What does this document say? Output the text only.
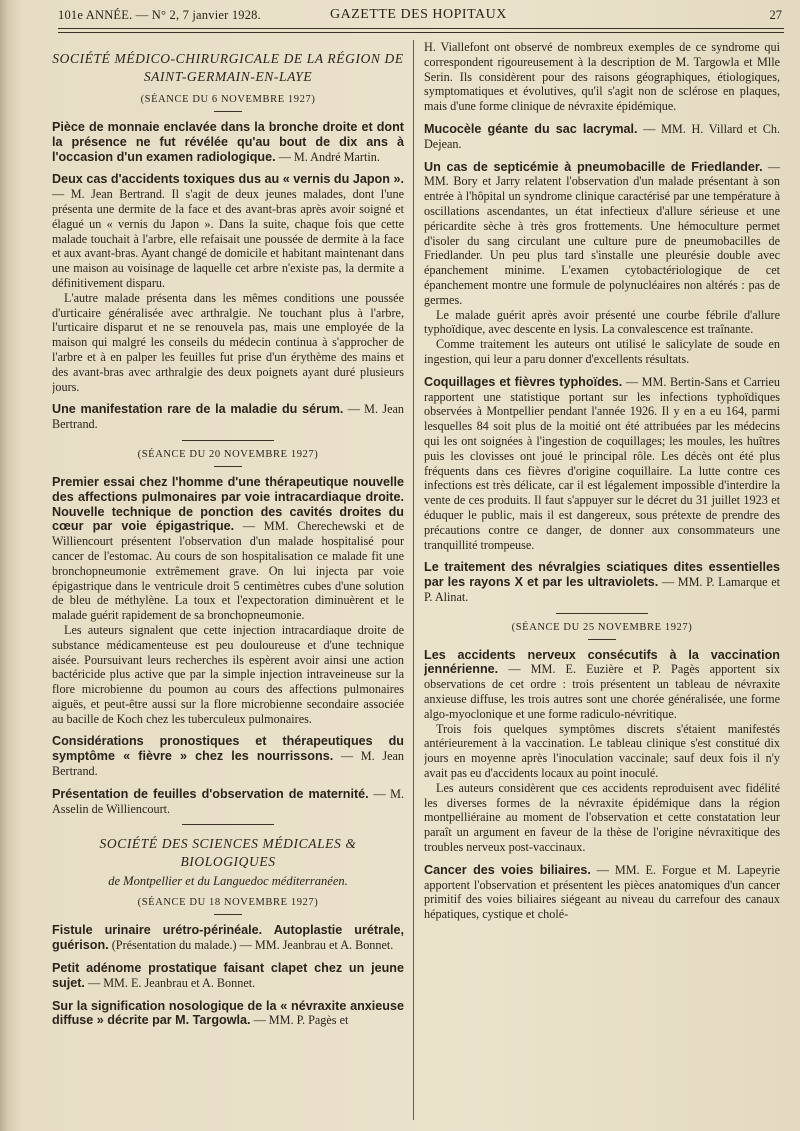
101e ANNÉE. — N° 2, 7 janvier 1928.	GAZETTE DES HOPITAUX	27
SOCIÉTÉ MÉDICO-CHIRURGICALE DE LA RÉGION DE SAINT-GERMAIN-EN-LAYE
(SÉANCE DU 6 NOVEMBRE 1927)
Pièce de monnaie enclavée dans la bronche droite et dont la présence ne fut révélée qu'au bout de dix ans à l'occasion d'un examen radiologique. — M. André Martin.
Deux cas d'accidents toxiques dus au « vernis du Japon ». — M. Jean Bertrand. Il s'agit de deux jeunes malades, dont l'une présenta une dermite de la face et des avant-bras après avoir soigné et élagué un « vernis du Japon ». Dans la suite, chaque fois que cette malade touchait à l'arbre, elle refaisait une poussée de dermite à la face et aux avant-bras. Ayant changé de domicile et habitant maintenant dans une maison au voisinage de laquelle cet arbre n'existe pas, la dermite a définitivement disparu.

L'autre malade présenta dans les mêmes conditions une poussée d'urticaire généralisée avec arthralgie. Ne touchant plus à l'arbre, l'urticaire disparut et ne se renouvela pas, mais une employée de la maison qui malgré les conseils du médecin continua à s'approcher de l'arbre et à en palper les feuilles fut prise d'un érythème des mains et des avant-bras avec arthralgie des deux poignets ayant duré plusieurs jours.

Une manifestation rare de la maladie du sérum. — M. Jean Bertrand.
(SÉANCE DU 20 NOVEMBRE 1927)
Premier essai chez l'homme d'une thérapeutique nouvelle des affections pulmonaires par voie intracardiaque droite. Nouvelle technique de ponction des cavités droites du cœur par voie épigastrique. — MM. Cherechewski et de Williencourt présentent l'observation d'un malade hospitalisé pour cancer de l'estomac. Au cours de son hospitalisation ce malade fit une bronchopneumonie extrêmement grave. On lui injecta par voie épigastrique dans le ventricule droit 5 centimètres cubes d'une solution de bleu de méthylène. La toux et l'expectoration diminuèrent et le malade guérit rapidement de sa bronchopneumonie.

Les auteurs signalent que cette injection intracardiaque droite de substance médicamenteuse est peu douloureuse et d'une technique aisée. Poursuivant leurs recherches ils espèrent avoir ainsi une action bactéricide plus active que par la simple injection intraveineuse sur la flore microbienne du poumon au cours des affections pulmonaires aiguës, et peut-être aussi sur la flore microbienne secondaire associée au bacille de Koch chez les tuberculeux pulmonaires.

Considérations pronostiques et thérapeutiques du symptôme « fièvre » chez les nourrissons. — M. Jean Bertrand.
Présentation de feuilles d'observation de maternité. — M. Asselin de Williencourt.
SOCIÉTÉ DES SCIENCES MÉDICALES & BIOLOGIQUES
de Montpellier et du Languedoc méditerranéen.
(SÉANCE DU 18 NOVEMBRE 1927)
Fistule urinaire urétro-périnéale. Autoplastie urétrale, guérison. (Présentation du malade.) — MM. Jeanbrau et A. Bonnet.
Petit adénome prostatique faisant clapet chez un jeune sujet. — MM. E. Jeanbrau et A. Bonnet.
Sur la signification nosologique de la « névraxite anxieuse diffuse » décrite par M. Targowla. — MM. P. Pagès et
H. Viallefont ont observé de nombreux exemples de ce syndrome qui correspondent rigoureusement à la description de M. Targowla et Mlle Serin. Ils considèrent pour des raisons géographiques, étiologiques, symptomatiques et évolutives, qu'il s'agit non de sclérose en plaques, mais d'une forme clinique de névraxite épidémique.
Mucocèle géante du sac lacrymal. — MM. H. Villard et Ch. Dejean.
Un cas de septicémie à pneumobacille de Friedlander. — MM. Bory et Jarry relatent l'observation d'un malade présentant à son entrée à l'hôpital un syndrome clinique caractérisé par une température à oscillations ascendantes, un état infectieux d'allure sérieuse et une péricardite sèche à très gros frottements. Une hémoculture permet d'isoler du sang circulant une culture pure de pneumobacilles de Friedlander. Un peu plus tard s'installe une pleurésie double avec épanchement minime. L'examen cytobactériologique de cet épanchement montre une formule de polynucléaires non altérés : pas de germes.

Le malade guérit après avoir présenté une courbe fébrile d'allure typhoïdique, avec descente en lysis. La convalescence est traînante.

Comme traitement les auteurs ont utilisé le salicylate de soude en ingestion, qui leur a paru donner d'excellents résultats.

Coquillages et fièvres typhoïdes. — MM. Bertin-Sans et Carrieu rapportent une statistique portant sur les infections typhoïdiques observées à Montpellier pendant l'année 1926. Il y en a eu 164, parmi lesquelles 84 soit plus de la moitié ont été attribuées par les médecins qui les ont soignées à l'ingestion de coquillages; les moules, les huîtres puis les clovisses ont joué le principal rôle. Les décès ont été plus fréquents dans ces fièvres d'origine coquillaire. La lutte contre ces infections est très délicate, car il est légalement impossible d'interdire la vente de ces produits. Il faut s'appuyer sur le décret du 31 juillet 1923 et éduquer le public, mais il est dangereux, sous prétexte de prendre des précautions contre ce danger, de donner aux consommateurs une tranquillité trompeuse.
Le traitement des névralgies sciatiques dites essentielles par les rayons X et par les ultraviolets. — MM. P. Lamarque et P. Alinat.
(SÉANCE DU 25 NOVEMBRE 1927)
Les accidents nerveux consécutifs à la vaccination jennérienne. — MM. E. Euzière et P. Pagès apportent six observations de cet ordre : trois présentent un tableau de névraxite anxieuse diffuse, les trois autres sont une chorée généralisée, une forme algo-myoclonique et une forme radiculo-névritique.

Trois fois quelques symptômes discrets s'étaient manifestés antérieurement à la vaccination. Le tableau clinique s'est constitué dix jours en moyenne après l'inoculation vaccinale; sauf deux fois il n'y avait pas eu d'accidents locaux au point inoculé.

Les auteurs considèrent que ces accidents reproduisent avec fidélité les diverses formes de la névraxite épidémique dans la région montpelliéraine au moment de l'observation et cette constatation leur paraît un argument en faveur de la thèse de l'origine névraxitique des troubles nerveux post-vaccinaux.

Cancer des voies biliaires. — MM. E. Forgue et M. Lapeyrie apportent l'observation et présentent les pièces anatomiques d'un cancer primitif des voies biliaires siégeant au niveau du carrefour des canaux hépatiques, cystique et cholé-
